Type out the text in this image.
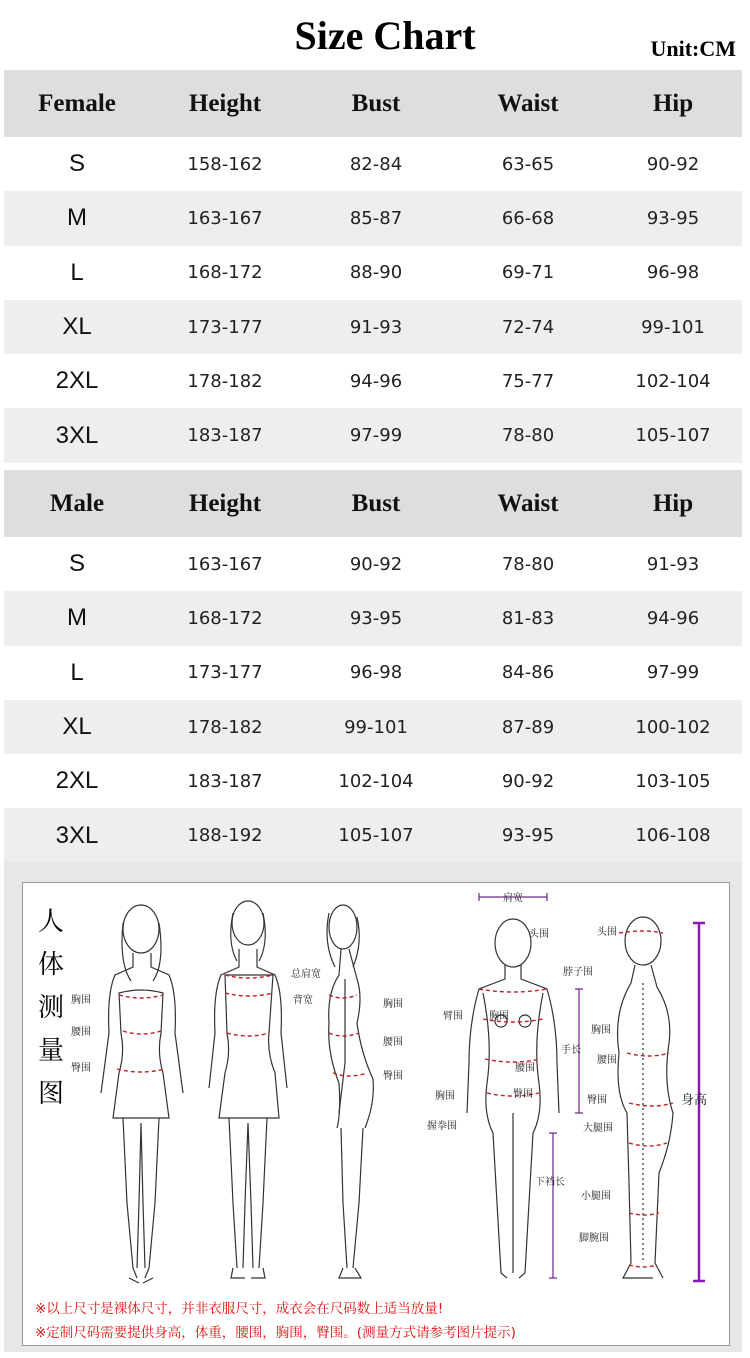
Size Chart	Unit:CM
Female	Height	Bust	Waist	Hip
S	158-162	82-84	63-65	90-92
M	163-167	85-87	66-68	93-95
L	168-172	88-90	69-71	96-98
XL	173-177	91-93	72-74	99-101
2XL	178-182	94-96	75-77	102-104
3XL	183-187	97-99	78-80	105-107
Male	Height	Bust	Waist	Hip
S	163-167	90-92	78-80	91-93
M	168-172	93-95	81-83	94-96
L	173-177	96-98	84-86	97-99
XL	178-182	99-101	87-89	100-102
2XL	183-187	102-104	90-92	103-105
3XL	188-192	105-107	93-95	106-108
人
体
测
量
图
胸围
腰围
臀围
总肩宽
背宽	胸围
腰围
臀围
肩宽
头围
脖子围
臂围	胸围
手长
腰围
臀围
胸围
握拳围
下裆长
头围
胸围
腰围
臀围
大腿围
小腿围
脚腕围
身高
※以上尺寸是裸体尺寸，并非衣服尺寸，成衣会在尺码数上适当放量!
※定制尺码需要提供身高，体重，腰围，胸围，臀围。(测量方式请参考图片提示)
